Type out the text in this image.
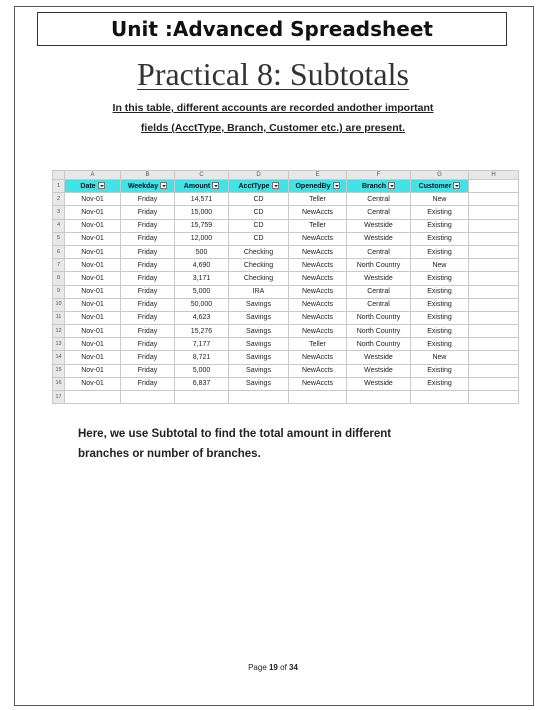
Unit :Advanced Spreadsheet
Practical 8: Subtotals
In this table, different accounts are recorded andother important
fields (AcctType, Branch, Customer etc.) are present.
	A	B	C	D	E	F	G	H
1	Date	Weekday	Amount	AcctType	OpenedBy	Branch	Customer	
2	Nov-01	Friday	14,571	CD	Teller	Central	New	
3	Nov-01	Friday	15,000	CD	NewAccts	Central	Existing	
4	Nov-01	Friday	15,759	CD	Teller	Westside	Existing	
5	Nov-01	Friday	12,000	CD	NewAccts	Westside	Existing	
6	Nov-01	Friday	500	Checking	NewAccts	Central	Existing	
7	Nov-01	Friday	4,690	Checking	NewAccts	North Country	New	
8	Nov-01	Friday	3,171	Checking	NewAccts	Westside	Existing	
9	Nov-01	Friday	5,000	IRA	NewAccts	Central	Existing	
10	Nov-01	Friday	50,000	Savings	NewAccts	Central	Existing	
11	Nov-01	Friday	4,623	Savings	NewAccts	North Country	Existing	
12	Nov-01	Friday	15,276	Savings	NewAccts	North Country	Existing	
13	Nov-01	Friday	7,177	Savings	Teller	North Country	Existing	
14	Nov-01	Friday	8,721	Savings	NewAccts	Westside	New	
15	Nov-01	Friday	5,000	Savings	NewAccts	Westside	Existing	
16	Nov-01	Friday	6,837	Savings	NewAccts	Westside	Existing	
17								
Here, we use Subtotal to find the total amount in different
branches or number of branches.
Page 19 of 34
